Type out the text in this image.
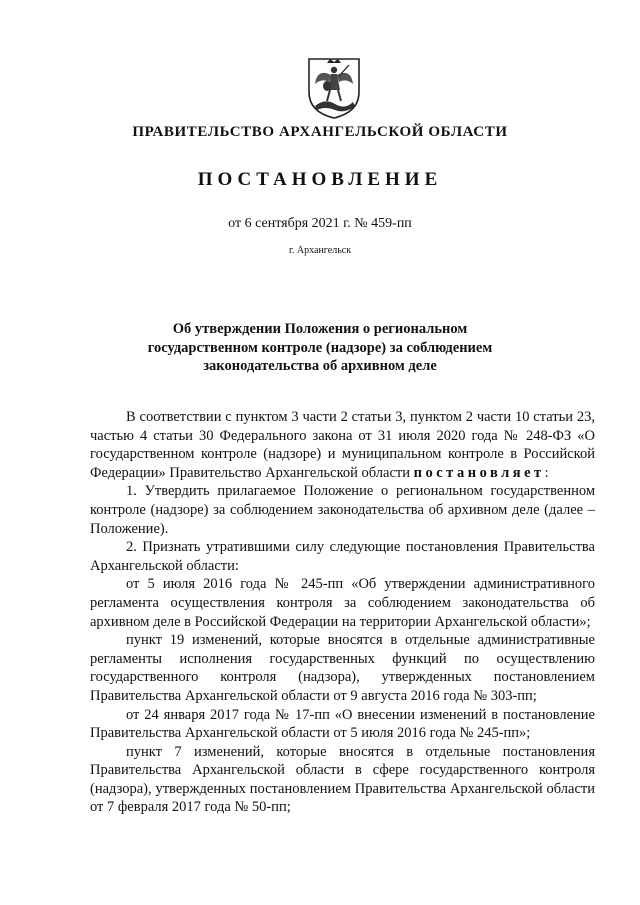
ПРАВИТЕЛЬСТВО АРХАНГЕЛЬСКОЙ ОБЛАСТИ
ПОСТАНОВЛЕНИЕ
от 6 сентября 2021 г. № 459-пп
г. Архангельск
Об утверждении Положения о региональном
государственном контроле (надзоре) за соблюдением
законодательства об архивном деле

В соответствии с пунктом 3 части 2 статьи 3, пунктом 2 части 10 статьи 23, частью 4 статьи 30 Федерального закона от 31 июля 2020 года № 248-ФЗ «О государственном контроле (надзоре) и муниципальном контроле в Российской Федерации» Правительство Архангельской области постановляет:

1. Утвердить прилагаемое Положение о региональном государственном контроле (надзоре) за соблюдением законодательства об архивном деле (далее – Положение).

2. Признать утратившими силу следующие постановления Правительства Архангельской области:

от 5 июля 2016 года № 245-пп «Об утверждении административного регламента осуществления контроля за соблюдением законодательства об архивном деле в Российской Федерации на территории Архангельской области»;

пункт 19 изменений, которые вносятся в отдельные административные регламенты исполнения государственных функций по осуществлению государственного контроля (надзора), утвержденных постановлением Правительства Архангельской области от 9 августа 2016 года № 303-пп;

от 24 января 2017 года № 17-пп «О внесении изменений в постановление Правительства Архангельской области от 5 июля 2016 года № 245-пп»;

пункт 7 изменений, которые вносятся в отдельные постановления Правительства Архангельской области в сфере государственного контроля (надзора), утвержденных постановлением Правительства Архангельской области от 7 февраля 2017 года № 50-пп;
